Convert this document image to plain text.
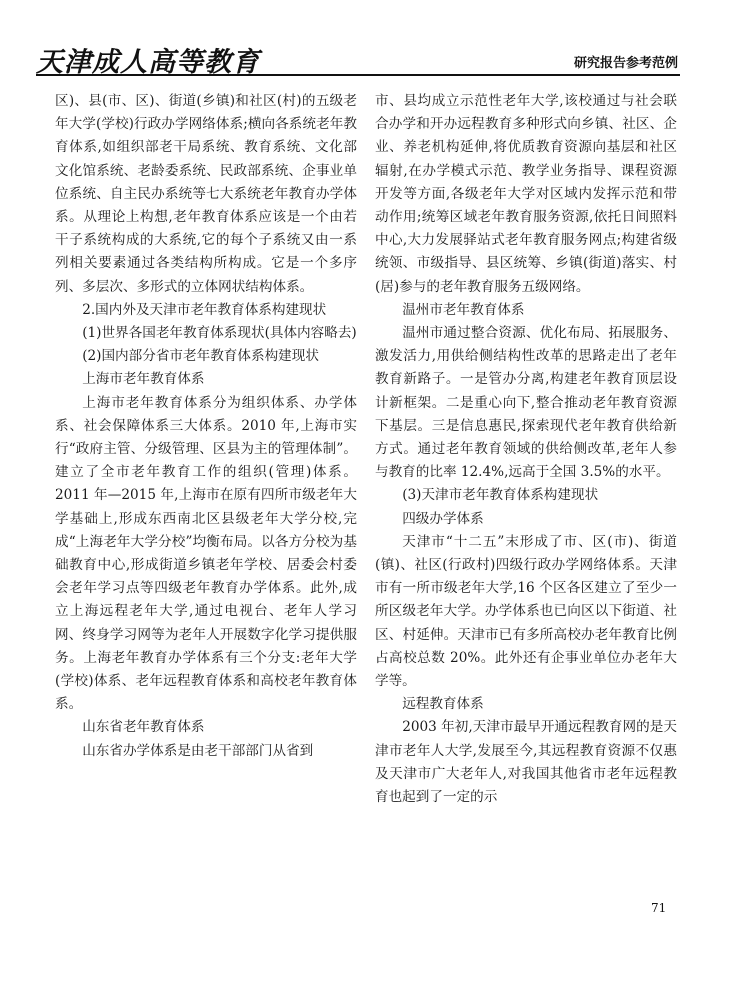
天津成人高等教育	研究报告参考范例

区)、县(市、区)、街道(乡镇)和社区(村)的五级老年大学(学校)行政办学网络体系;横向各系统老年教育体系,如组织部老干局系统、教育系统、文化部文化馆系统、老龄委系统、民政部系统、企事业单位系统、自主民办系统等七大系统老年教育办学体系。从理论上构想,老年教育体系应该是一个由若干子系统构成的大系统,它的每个子系统又由一系列相关要素通过各类结构所构成。它是一个多序列、多层次、多形式的立体网状结构体系。

2.国内外及天津市老年教育体系构建现状

(1)世界各国老年教育体系现状(具体内容略去)

(2)国内部分省市老年教育体系构建现状

上海市老年教育体系

上海市老年教育体系分为组织体系、办学体系、社会保障体系三大体系。2010 年,上海市实行“政府主管、分级管理、区县为主的管理体制”。建立了全市老年教育工作的组织(管理)体系。2011 年—2015 年,上海市在原有四所市级老年大学基础上,形成东西南北区县级老年大学分校,完成“上海老年大学分校”均衡布局。以各方分校为基础教育中心,形成街道乡镇老年学校、居委会村委会老年学习点等四级老年教育办学体系。此外,成立上海远程老年大学,通过电视台、老年人学习网、终身学习网等为老年人开展数字化学习提供服务。上海老年教育办学体系有三个分支:老年大学(学校)体系、老年远程教育体系和高校老年教育体系。

山东省老年教育体系

山东省办学体系是由老干部部门从省到

市、县均成立示范性老年大学,该校通过与社会联合办学和开办远程教育多种形式向乡镇、社区、企业、养老机构延伸,将优质教育资源向基层和社区辐射,在办学模式示范、教学业务指导、课程资源开发等方面,各级老年大学对区域内发挥示范和带动作用;统筹区域老年教育服务资源,依托日间照料中心,大力发展驿站式老年教育服务网点;构建省级统领、市级指导、县区统筹、乡镇(街道)落实、村(居)参与的老年教育服务五级网络。

温州市老年教育体系

温州市通过整合资源、优化布局、拓展服务、激发活力,用供给侧结构性改革的思路走出了老年教育新路子。一是管办分离,构建老年教育顶层设计新框架。二是重心向下,整合推动老年教育资源下基层。三是信息惠民,探索现代老年教育供给新方式。通过老年教育领域的供给侧改革,老年人参与教育的比率 12.4%,远高于全国 3.5%的水平。

(3)天津市老年教育体系构建现状

四级办学体系

天津市“十二五”末形成了市、区(市)、街道(镇)、社区(行政村)四级行政办学网络体系。天津市有一所市级老年大学,16 个区各区建立了至少一所区级老年大学。办学体系也已向区以下街道、社区、村延伸。天津市已有多所高校办老年教育比例占高校总数 20%。此外还有企事业单位办老年大学等。

远程教育体系

2003 年初,天津市最早开通远程教育网的是天津市老年人大学,发展至今,其远程教育资源不仅惠及天津市广大老年人,对我国其他省市老年远程教育也起到了一定的示

71
